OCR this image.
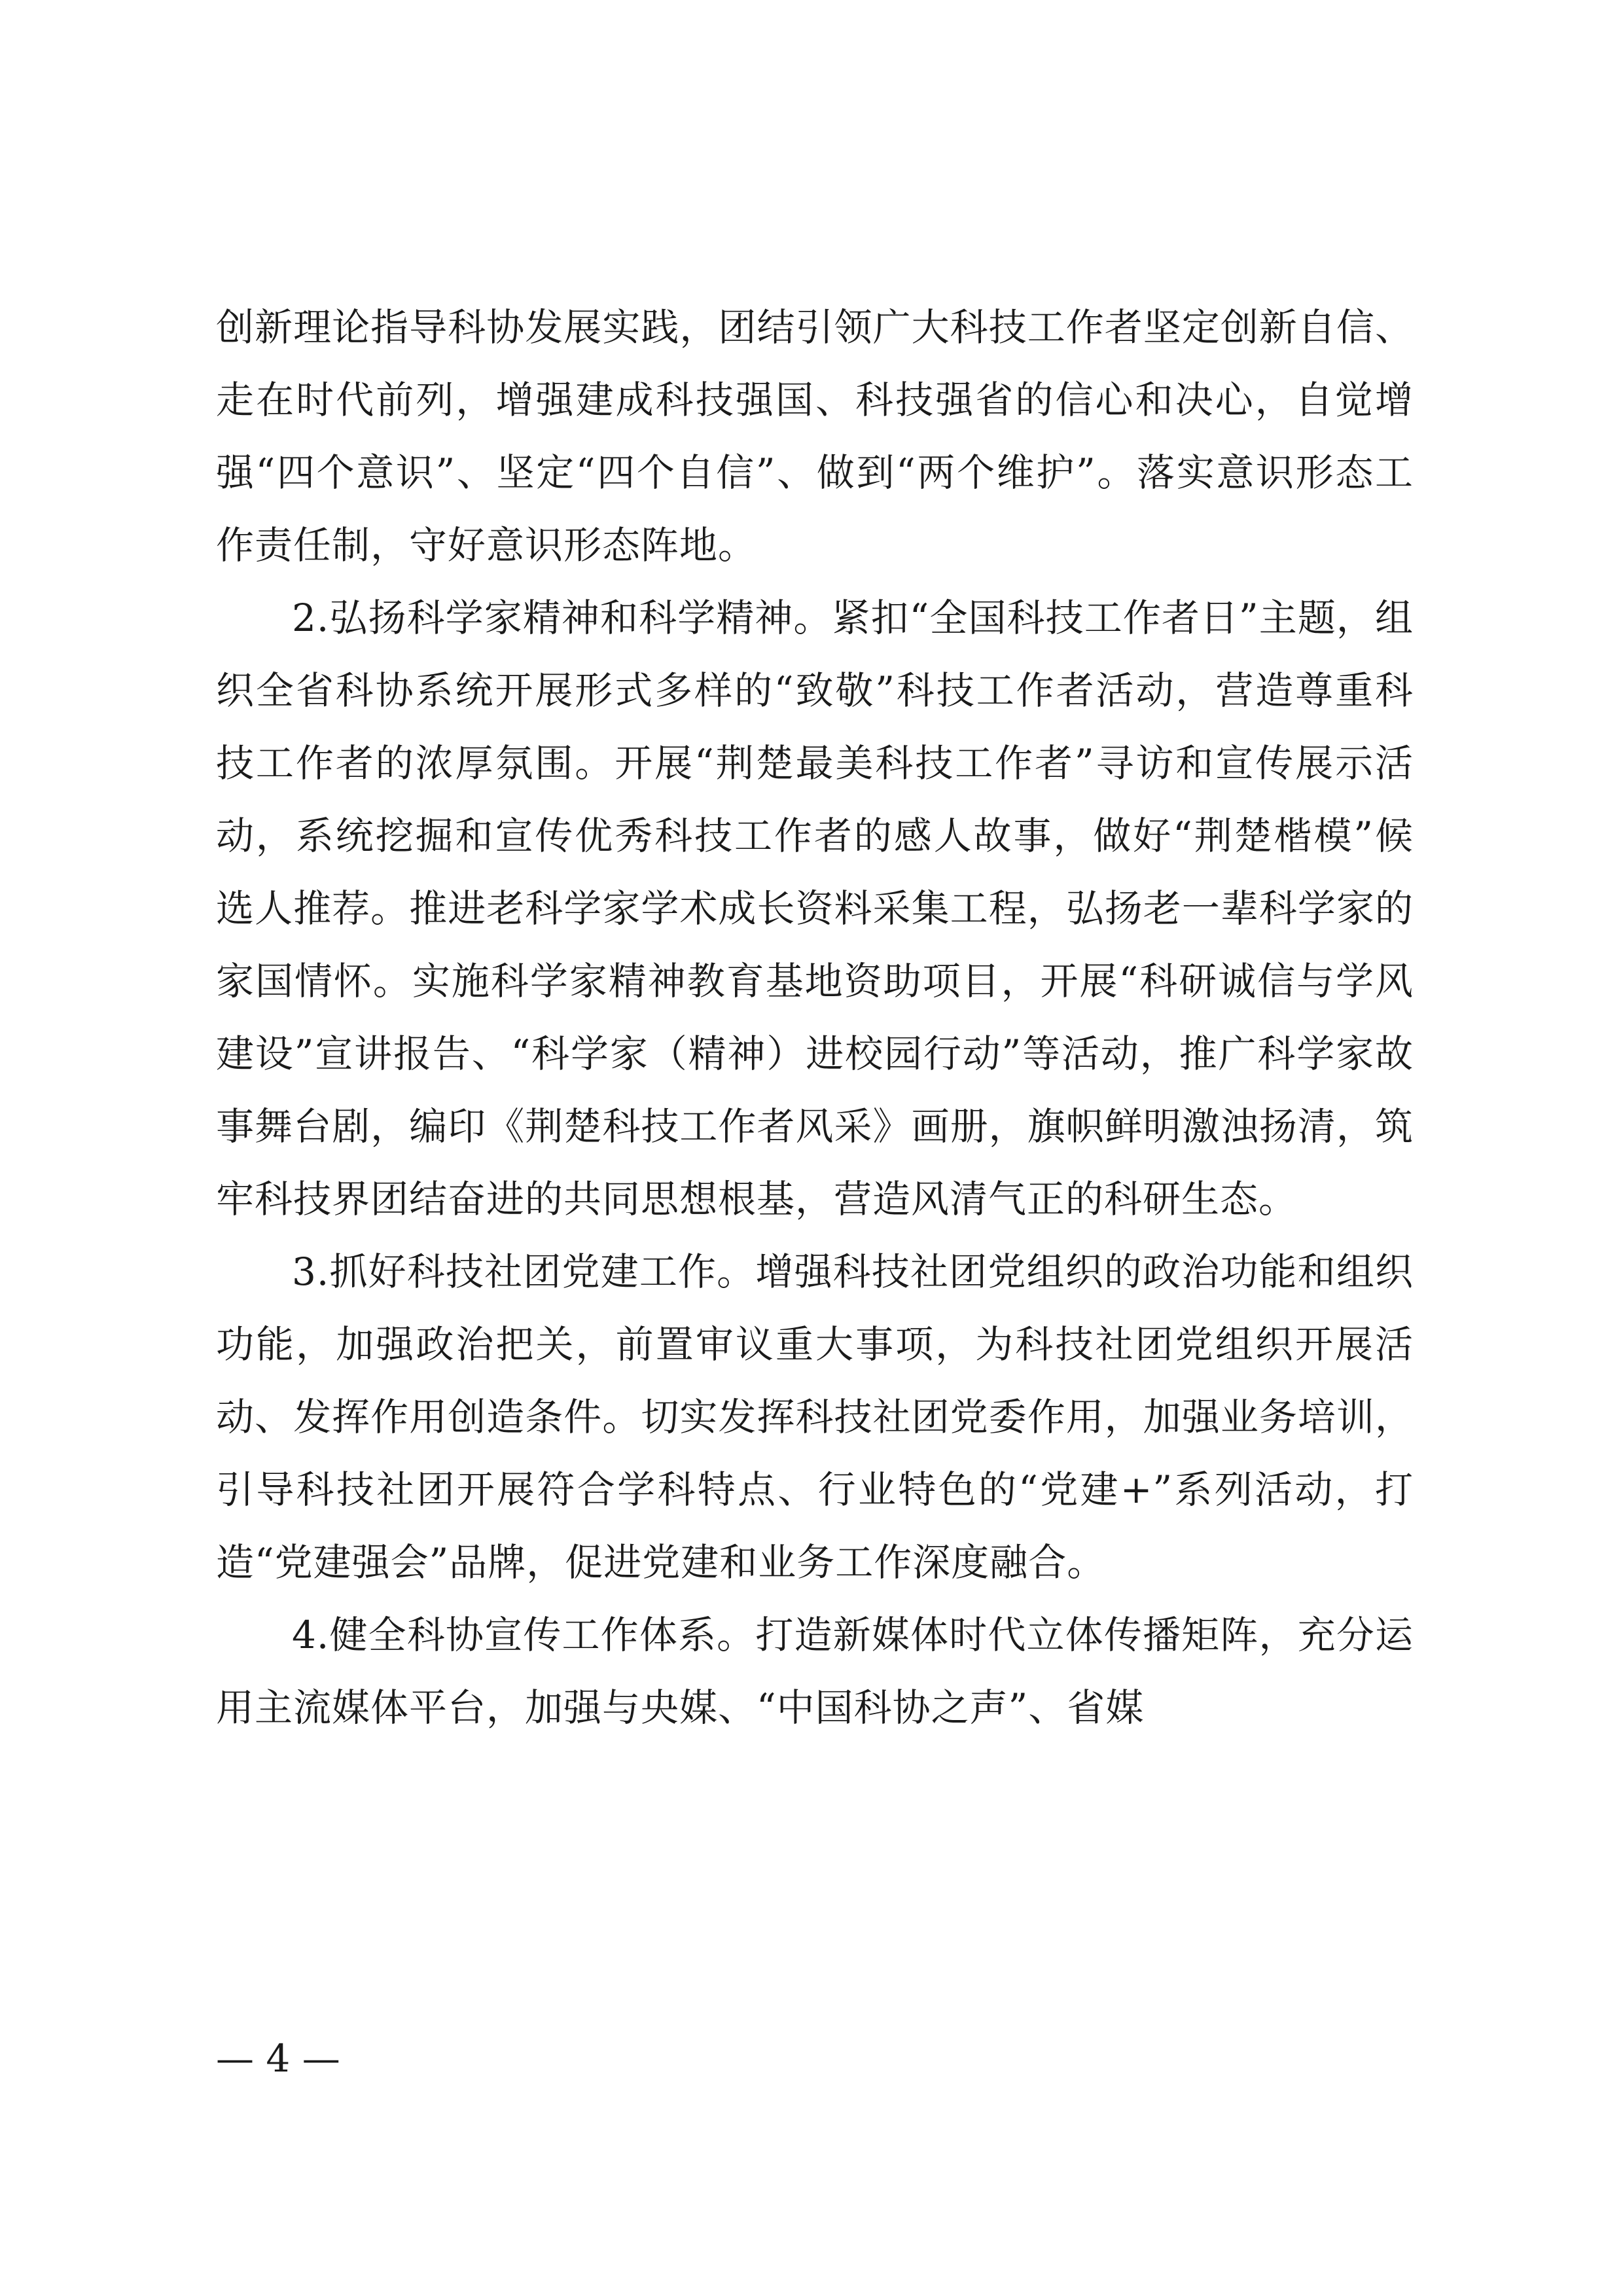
创新理论指导科协发展实践，团结引领广大科技工作者坚定创新自信、走在时代前列，增强建成科技强国、科技强省的信心和决心，自觉增强“四个意识”、坚定“四个自信”、做到“两个维护”。落实意识形态工作责任制，守好意识形态阵地。

2.弘扬科学家精神和科学精神。紧扣“全国科技工作者日”主题，组织全省科协系统开展形式多样的“致敬”科技工作者活动，营造尊重科技工作者的浓厚氛围。开展“荆楚最美科技工作者”寻访和宣传展示活动，系统挖掘和宣传优秀科技工作者的感人故事，做好“荆楚楷模”候选人推荐。推进老科学家学术成长资料采集工程，弘扬老一辈科学家的家国情怀。实施科学家精神教育基地资助项目，开展“科研诚信与学风建设”宣讲报告、“科学家（精神）进校园行动”等活动，推广科学家故事舞台剧，编印《荆楚科技工作者风采》画册，旗帜鲜明激浊扬清，筑牢科技界团结奋进的共同思想根基，营造风清气正的科研生态。

3.抓好科技社团党建工作。增强科技社团党组织的政治功能和组织功能，加强政治把关，前置审议重大事项，为科技社团党组织开展活动、发挥作用创造条件。切实发挥科技社团党委作用，加强业务培训，引导科技社团开展符合学科特点、行业特色的“党建+”系列活动，打造“党建强会”品牌，促进党建和业务工作深度融合。

4.健全科协宣传工作体系。打造新媒体时代立体传播矩阵，充分运用主流媒体平台，加强与央媒、“中国科协之声”、省媒

— 4 —
